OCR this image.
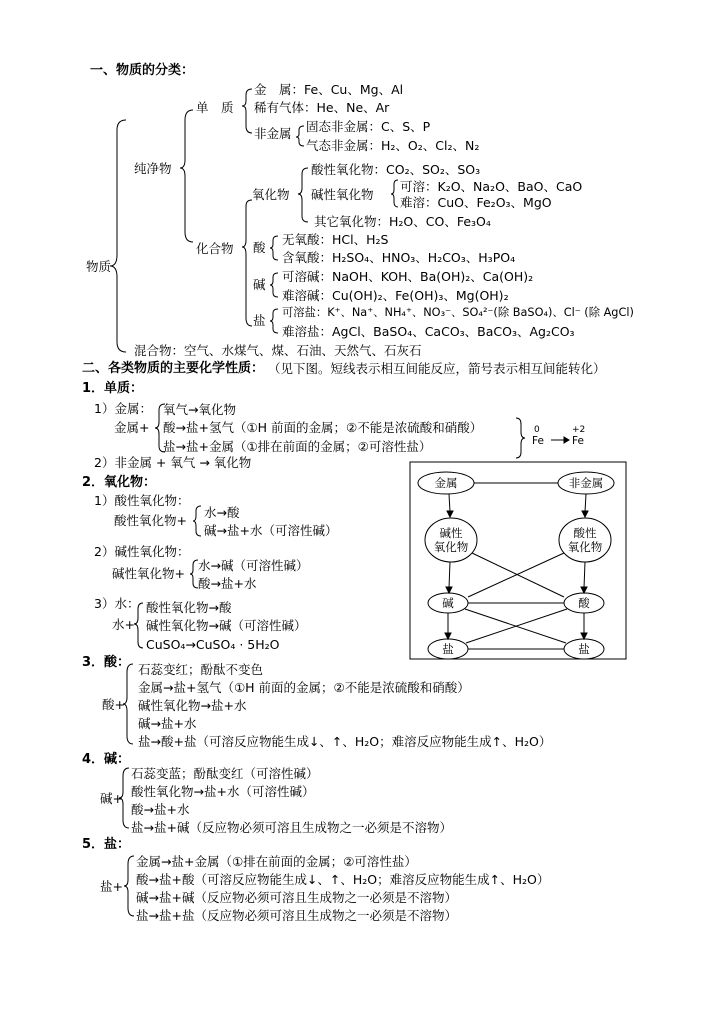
一、物质的分类：
物质
纯净物
单　质
金　属：Fe、Cu、Mg、Al
稀有气体：He、Ne、Ar
非金属 固态非金属：C、S、P
气态非金属：H₂、O₂、Cl₂、N₂
化合物
氧化物
酸性氧化物：CO₂、SO₂、SO₃
碱性氧化物
可溶：K₂O、Na₂O、BaO、CaO
难溶：CuO、Fe₂O₃、MgO
其它氧化物：H₂O、CO、Fe₃O₄
酸
无氧酸：HCl、H₂S
含氧酸：H₂SO₄、HNO₃、H₂CO₃、H₃PO₄
碱
可溶碱：NaOH、KOH、Ba(OH)₂、Ca(OH)₂
难溶碱：Cu(OH)₂、Fe(OH)₃、Mg(OH)₂
盐
可溶盐：K⁺、Na⁺、NH₄⁺、NO₃⁻、SO₄²⁻(除 BaSO₄)、Cl⁻ (除 AgCl)
难溶盐：AgCl、BaSO₄、CaCO₃、BaCO₃、Ag₂CO₃
混合物：空气、水煤气、煤、石油、天然气、石灰石
二、各类物质的主要化学性质： （见下图。短线表示相互间能反应，箭号表示相互间能转化）
1．单质：
1）金属：
金属+
氧气→氧化物
酸→盐+氢气（①H 前面的金属；②不能是浓硫酸和硝酸）
盐→盐+金属（①排在前面的金属；②可溶性盐）
0	+2
Fe	Fe
2）非金属 + 氧气 → 氧化物
2．氧化物：
1）酸性氧化物：
酸性氧化物+
水→酸
碱→盐+水（可溶性碱）
2）碱性氧化物：
碱性氧化物+
水→碱（可溶性碱）
酸→盐+水
3）水：
水+
酸性氧化物→酸
碱性氧化物→碱（可溶性碱）
CuSO₄→CuSO₄ · 5H₂O
3．酸：
酸+
石蕊变红；酚酞不变色
金属→盐+氢气（①H 前面的金属；②不能是浓硫酸和硝酸）
碱性氧化物→盐+水
碱→盐+水
盐→酸+盐（可溶反应物能生成↓、↑、H₂O；难溶反应物能生成↑、H₂O）
4．碱：
碱+
石蕊变蓝；酚酞变红（可溶性碱）
酸性氧化物→盐+水（可溶性碱）
酸→盐+水
盐→盐+碱（反应物必须可溶且生成物之一必须是不溶物）
5．盐：
盐+
金属→盐+金属（①排在前面的金属；②可溶性盐）
酸→盐+酸（可溶反应物能生成↓、↑、H₂O；难溶反应物能生成↑、H₂O）
碱→盐+碱（反应物必须可溶且生成物之一必须是不溶物）
盐→盐+盐（反应物必须可溶且生成物之一必须是不溶物）
金属	非金属
碱性
氧化物
酸性
氧化物
碱	酸
盐	盐
